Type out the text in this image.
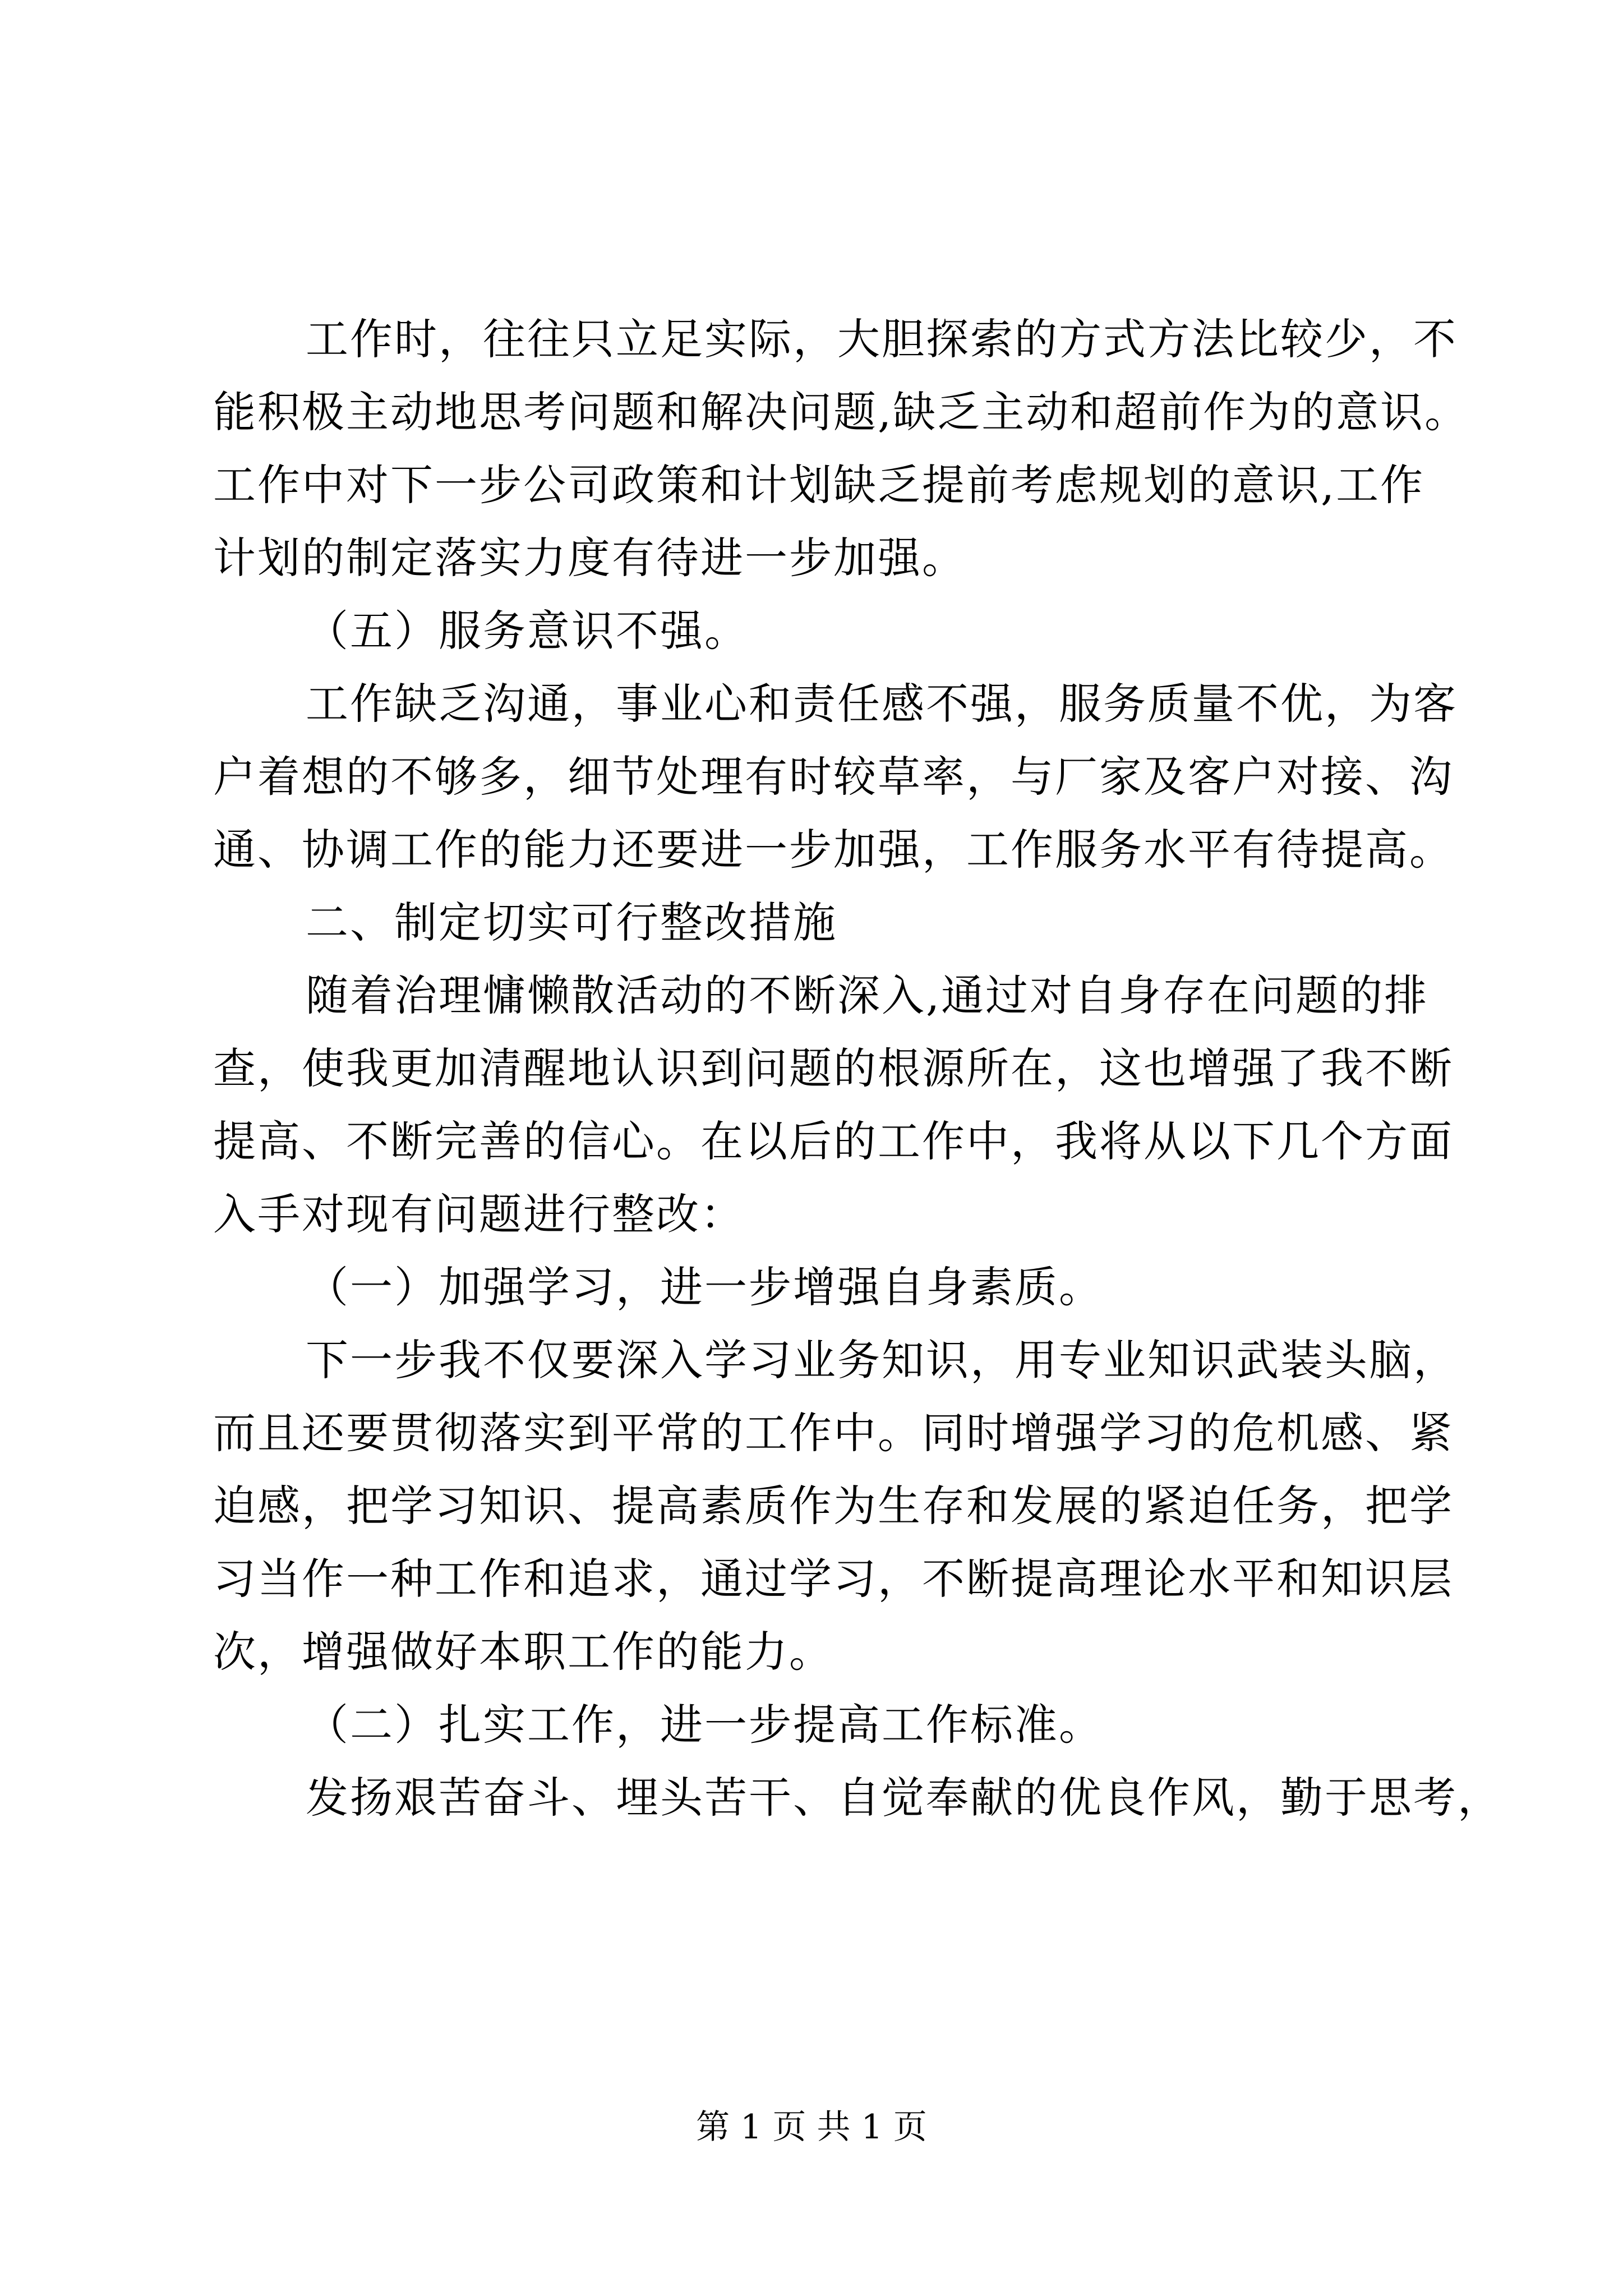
工作时，往往只立足实际，大胆探索的方式方法比较少，不
能积极主动地思考问题和解决问题,缺乏主动和超前作为的意识。
工作中对下一步公司政策和计划缺乏提前考虑规划的意识,工作
计划的制定落实力度有待进一步加强。
（五）服务意识不强。
工作缺乏沟通，事业心和责任感不强，服务质量不优，为客
户着想的不够多，细节处理有时较草率，与厂家及客户对接、沟
通、协调工作的能力还要进一步加强，工作服务水平有待提高。
二、制定切实可行整改措施
随着治理慵懒散活动的不断深入,通过对自身存在问题的排
查，使我更加清醒地认识到问题的根源所在，这也增强了我不断
提高、不断完善的信心。在以后的工作中，我将从以下几个方面
入手对现有问题进行整改：
（一）加强学习，进一步增强自身素质。
下一步我不仅要深入学习业务知识，用专业知识武装头脑，
而且还要贯彻落实到平常的工作中。同时增强学习的危机感、紧
迫感，把学习知识、提高素质作为生存和发展的紧迫任务，把学
习当作一种工作和追求，通过学习，不断提高理论水平和知识层
次，增强做好本职工作的能力。
（二）扎实工作，进一步提高工作标准。
发扬艰苦奋斗、埋头苦干、自觉奉献的优良作风，勤于思考，
第 1 页 共 1 页
